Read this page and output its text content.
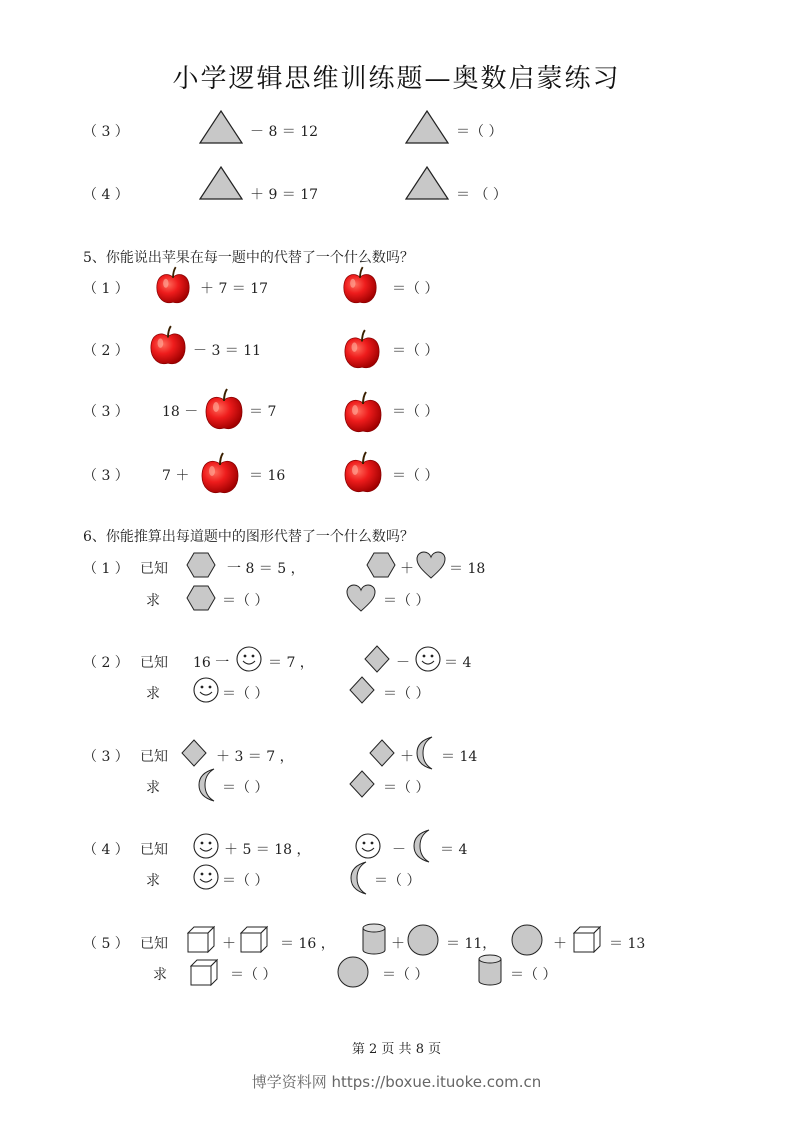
小学逻辑思维训练题—奥数启蒙练习
（ 3 ）	－ 8 ＝ 12	＝（ ）
（ 4 ）	＋ 9 ＝ 17	＝ （ ）
5、你能说出苹果在每一题中的代替了一个什么数吗？
（ 1 ）	＋ 7 ＝ 17	＝（ ）
（ 2 ）	－ 3 ＝ 11	＝（ ）
（ 3 ） 18 －	＝ 7	＝（ ）
（ 3 ） 7 ＋	＝ 16	＝（ ）
6、你能推算出每道题中的图形代替了一个什么数吗？
（ 1 ） 已知	一 8 ＝ 5 ，	＋	＝ 18
求	＝（ ）	＝（ ）
（ 2 ） 已知 16 一	＝ 7 ，	－ ＝ 4
求	＝（ ）	＝（ ）
（ 3 ） 已知	＋ 3 ＝ 7 ，	＋ ＝ 14
求	＝（ ）	＝（ ）
（ 4 ） 已知	＋ 5 ＝ 18 ，	－ ＝ 4
求	＝（ ）	＝（ ）
（ 5 ） 已知	＋	＝ 16 ，	＋	＝ 11，	＋	＝ 13
求	＝（ ）	＝（ ）	＝（ ）
第 2 页 共 8 页
博学资料网 https://boxue.ituoke.com.cn
